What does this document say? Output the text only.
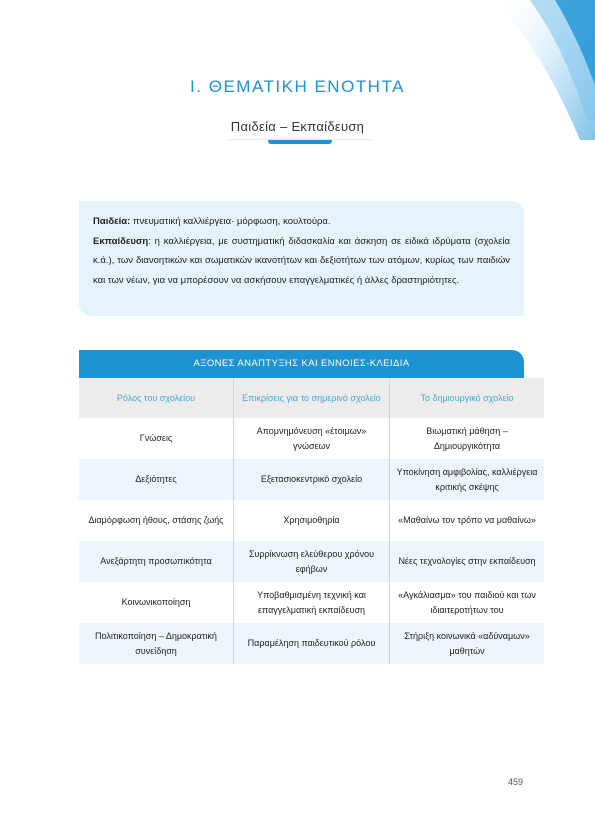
I. ΘΕΜΑΤΙΚΗ ΕΝΟΤΗΤΑ
Παιδεία – Εκπαίδευση

Παιδεία: πνευματική καλλιέργεια· μόρφωση, κουλτούρα.

Εκπαίδευση: η καλλιέργεια, με συστηματική διδασκαλία και άσκηση σε ειδικά ιδρύματα (σχολεία κ.ά.), των διανοητικών και σωματικών ικανοτήτων και δεξιοτήτων των ατόμων, κυρίως των παιδιών και των νέων, για να μπορέσουν να ασκήσουν επαγγελματικές ή άλλες δραστηριότητες.

ΑΞΟΝΕΣ ΑΝΑΠΤΥΞΗΣ ΚΑΙ ΕΝΝΟΙΕΣ-ΚΛΕΙΔΙΑ
Ρόλος του σχολείου	Επικρίσεις για το σημερινό σχολείο	Το δημιουργικό σχολείο
Γνώσεις	Απομνημόνευση «έτοιμων» γνώσεων	Βιωματική μάθηση – Δημιουργικότητα
Δεξιότητες	Εξετασιοκεντρικό σχολείο	Υποκίνηση αμφιβολίας, καλλιέργεια κριτικής σκέψης
Διαμόρφωση ήθους, στάσης ζωής	Χρησιμοθηρία	«Μαθαίνω τον τρόπο να μαθαίνω»
Ανεξάρτητη προσωπικότητα	Συρρίκνωση ελεύθερου χρόνου εφήβων	Νέες τεχνολογίες στην εκπαίδευση
Κοινωνικοποίηση	Υποβαθμισμένη τεχνική και επαγγελματική εκπαίδευση	«Αγκάλιασμα» του παιδιού και των ιδιαιτεροτήτων του
Πολιτικοποίηση – Δημοκρατική συνείδηση	Παραμέληση παιδευτικού ρόλου	Στήριξη κοινωνικά «αδύναμων» μαθητών
459
